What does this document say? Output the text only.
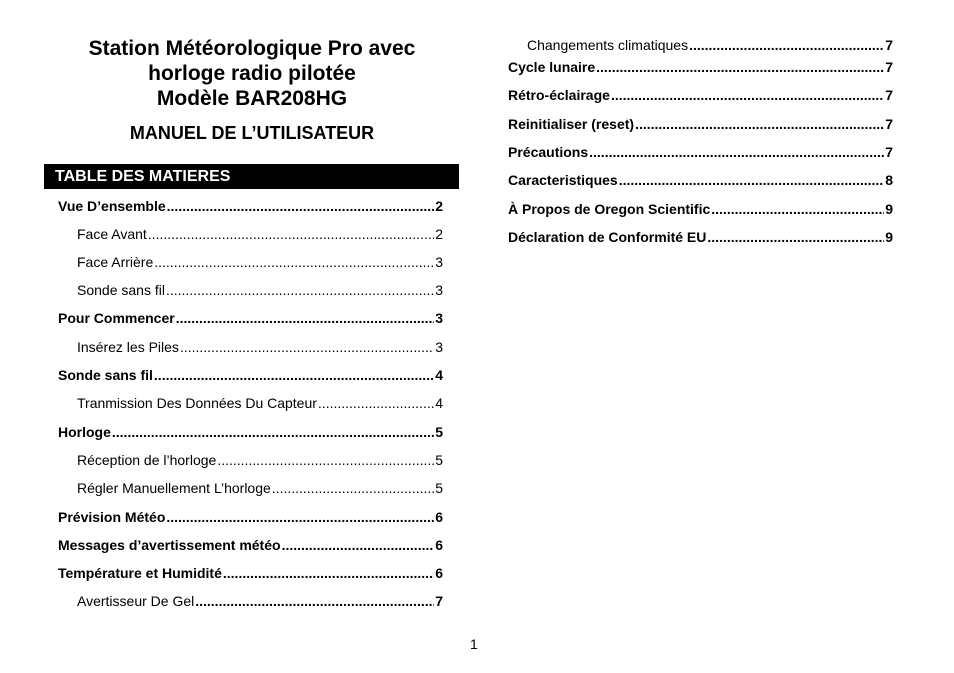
Station Météorologique Pro avec
horloge radio pilotée
Modèle BAR208HG
MANUEL DE L’UTILISATEUR
TABLE DES MATIERES
Vue D’ensemble .....	2
Face Avant .....	2
Face Arrière .....	3
Sonde sans fil .....	3
Pour Commencer .....	3
Insérez les Piles .....	3
Sonde sans fil .....	4
Tranmission Des Données Du Capteur .....	4
Horloge .....	5
Réception de l’horloge .....	5
Régler Manuellement L’horloge .....	5
Prévision Météo .....	6
Messages d’avertissement météo .....	6
Température et Humidité .....	6
Avertisseur De Gel .....	7
Changements climatiques .....	7
Cycle lunaire .....	7
Rétro-éclairage .....	7
Reinitialiser (reset) .....	7
Précautions .....	7
Caracteristiques .....	8
À Propos de Oregon Scientific .....	9
Déclaration de Conformité EU .....	9
1
